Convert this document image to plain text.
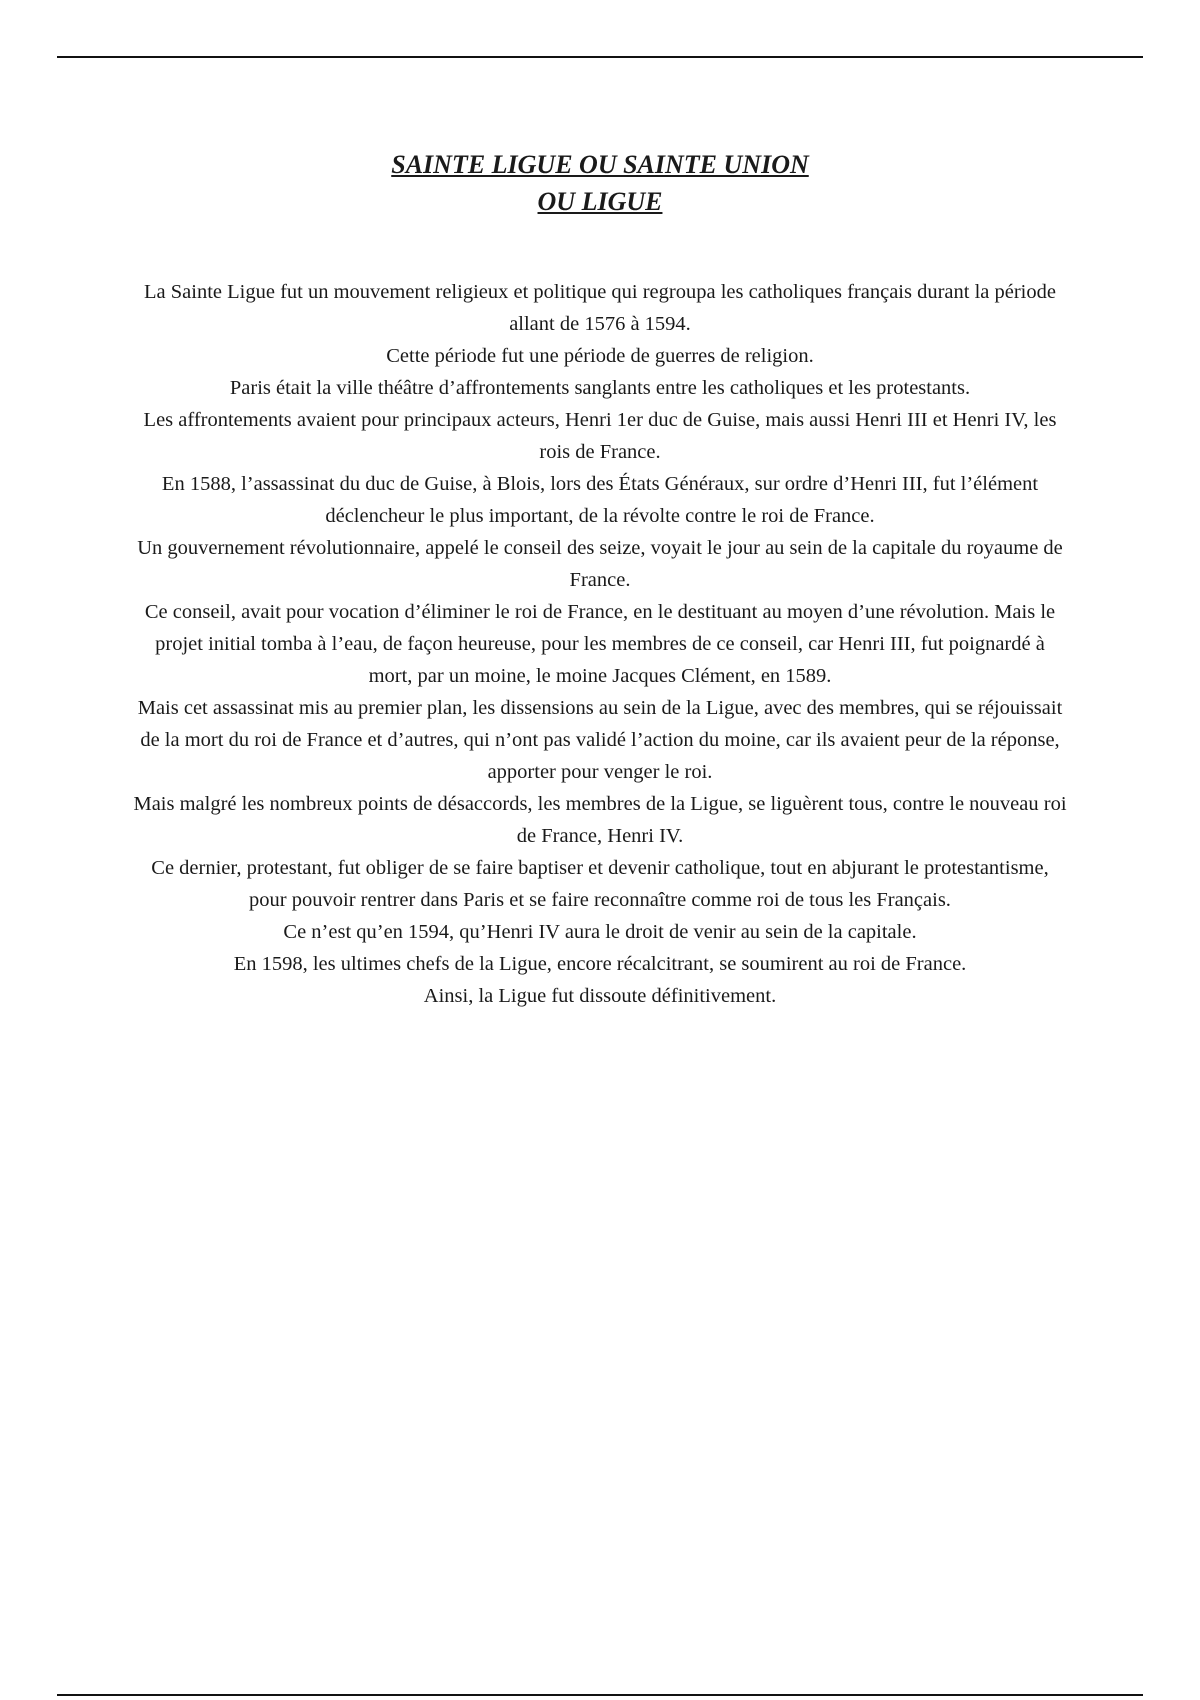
SAINTE LIGUE OU SAINTE UNION
OU LIGUE

La Sainte Ligue fut un mouvement religieux et politique qui regroupa les catholiques français durant la période allant de 1576 à 1594.

Cette période fut une période de guerres de religion.

Paris était la ville théâtre d’affrontements sanglants entre les catholiques et les protestants.

Les affrontements avaient pour principaux acteurs, Henri 1er duc de Guise, mais aussi Henri III et Henri IV, les rois de France.

En 1588, l’assassinat du duc de Guise, à Blois, lors des États Généraux, sur ordre d’Henri III, fut l’élément déclencheur le plus important, de la révolte contre le roi de France.

Un gouvernement révolutionnaire, appelé le conseil des seize, voyait le jour au sein de la capitale du royaume de France.

Ce conseil, avait pour vocation d’éliminer le roi de France, en le destituant au moyen d’une révolution. Mais le projet initial tomba à l’eau, de façon heureuse, pour les membres de ce conseil, car Henri III, fut poignardé à mort, par un moine, le moine Jacques Clément, en 1589.

Mais cet assassinat mis au premier plan, les dissensions au sein de la Ligue, avec des membres, qui se réjouissait de la mort du roi de France et d’autres, qui n’ont pas validé l’action du moine, car ils avaient peur de la réponse, apporter pour venger le roi.

Mais malgré les nombreux points de désaccords, les membres de la Ligue, se liguèrent tous, contre le nouveau roi de France, Henri IV.

Ce dernier, protestant, fut obliger de se faire baptiser et devenir catholique, tout en abjurant le protestantisme, pour pouvoir rentrer dans Paris et se faire reconnaître comme roi de tous les Français.

Ce n’est qu’en 1594, qu’Henri IV aura le droit de venir au sein de la capitale.

En 1598, les ultimes chefs de la Ligue, encore récalcitrant, se soumirent au roi de France.

Ainsi, la Ligue fut dissoute définitivement.
